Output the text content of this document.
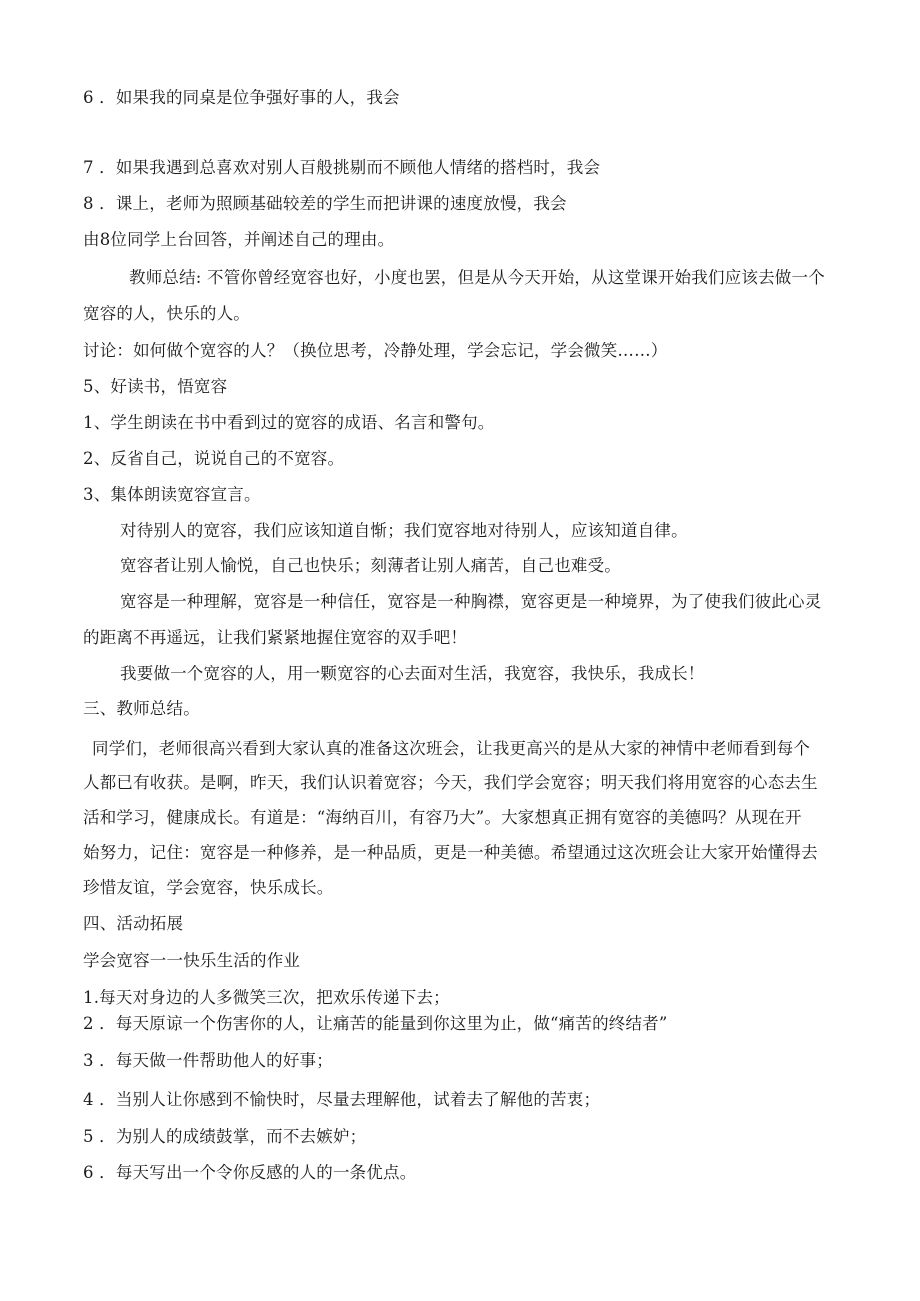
6 ．如果我的同桌是位争强好事的人，我会
7 ．如果我遇到总喜欢对别人百般挑剔而不顾他人情绪的搭档时，我会
8 ．课上，老师为照顾基础较差的学生而把讲课的速度放慢，我会
由8位同学上台回答，并阐述自己的理由。
教师总结: 不管你曾经宽容也好，小度也罢，但是从今天开始，从这堂课开始我们应该去做一个
宽容的人，快乐的人。
讨论：如何做个宽容的人？（换位思考，冷静处理，学会忘记，学会微笑……）
5、好读书，悟宽容
1、学生朗读在书中看到过的宽容的成语、名言和警句。
2、反省自己，说说自己的不宽容。
3、集体朗读宽容宣言。
对待别人的宽容，我们应该知道自惭；我们宽容地对待别人，应该知道自律。
宽容者让别人愉悦，自己也快乐；刻薄者让别人痛苦，自己也难受。
宽容是一种理解，宽容是一种信任，宽容是一种胸襟，宽容更是一种境界，为了使我们彼此心灵
的距离不再遥远，让我们紧紧地握住宽容的双手吧！
我要做一个宽容的人，用一颗宽容的心去面对生活，我宽容，我快乐，我成长！
三、教师总结。
同学们，老师很高兴看到大家认真的准备这次班会，让我更高兴的是从大家的神情中老师看到每个
人都已有收获。是啊，昨天，我们认识着宽容；今天，我们学会宽容；明天我们将用宽容的心态去生
活和学习，健康成长。有道是：“海纳百川，有容乃大”。大家想真正拥有宽容的美德吗？从现在开
始努力，记住：宽容是一种修养，是一种品质，更是一种美德。希望通过这次班会让大家开始懂得去
珍惜友谊，学会宽容，快乐成长。
四、活动拓展
学会宽容一一快乐生活的作业
1.每天对身边的人多微笑三次，把欢乐传递下去；
2 ．每天原谅一个伤害你的人，让痛苦的能量到你这里为止，做“痛苦的终结者”
3 ．每天做一件帮助他人的好事；
4 ．当别人让你感到不愉快时，尽量去理解他，试着去了解他的苦衷；
5 ．为别人的成绩鼓掌，而不去嫉妒；
6 ．每天写出一个令你反感的人的一条优点。
